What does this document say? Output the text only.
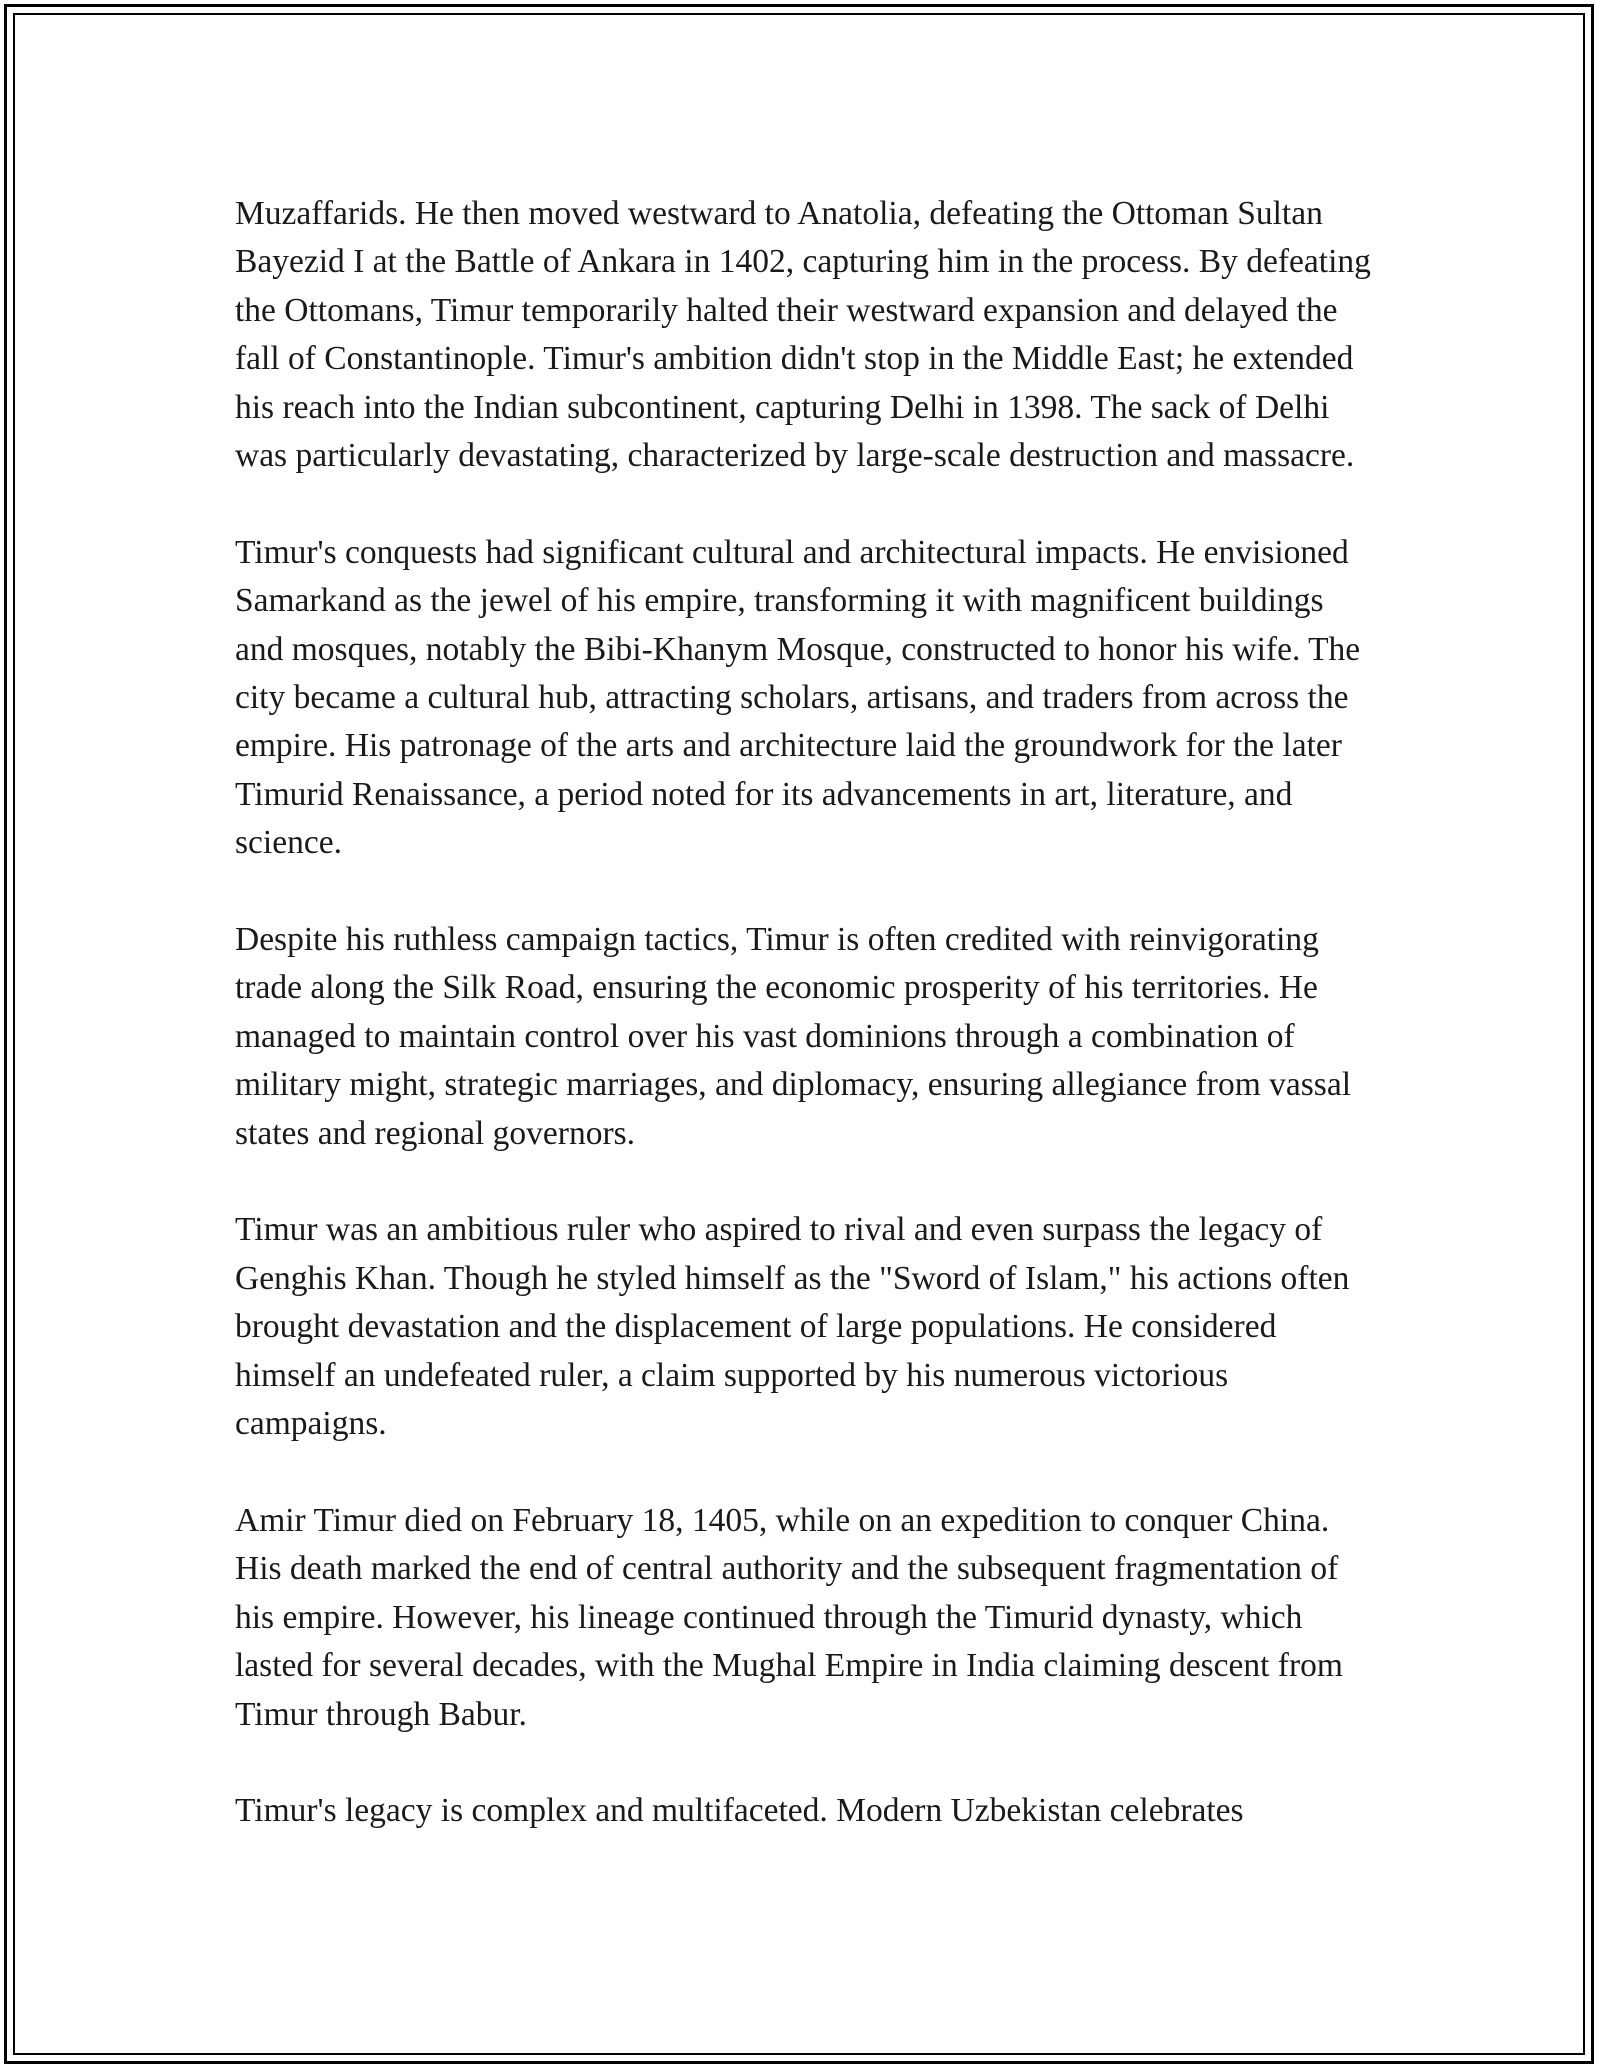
Muzaffarids. He then moved westward to Anatolia, defeating the Ottoman Sultan Bayezid I at the Battle of Ankara in 1402, capturing him in the process. By defeating the Ottomans, Timur temporarily halted their westward expansion and delayed the fall of Constantinople. Timur's ambition didn't stop in the Middle East; he extended his reach into the Indian subcontinent, capturing Delhi in 1398. The sack of Delhi was particularly devastating, characterized by large-scale destruction and massacre.

Timur's conquests had significant cultural and architectural impacts. He envisioned Samarkand as the jewel of his empire, transforming it with magnificent buildings and mosques, notably the Bibi-Khanym Mosque, constructed to honor his wife. The city became a cultural hub, attracting scholars, artisans, and traders from across the empire. His patronage of the arts and architecture laid the groundwork for the later Timurid Renaissance, a period noted for its advancements in art, literature, and science.

Despite his ruthless campaign tactics, Timur is often credited with reinvigorating trade along the Silk Road, ensuring the economic prosperity of his territories. He managed to maintain control over his vast dominions through a combination of military might, strategic marriages, and diplomacy, ensuring allegiance from vassal states and regional governors.

Timur was an ambitious ruler who aspired to rival and even surpass the legacy of Genghis Khan. Though he styled himself as the "Sword of Islam," his actions often brought devastation and the displacement of large populations. He considered himself an undefeated ruler, a claim supported by his numerous victorious campaigns.

Amir Timur died on February 18, 1405, while on an expedition to conquer China. His death marked the end of central authority and the subsequent fragmentation of his empire. However, his lineage continued through the Timurid dynasty, which lasted for several decades, with the Mughal Empire in India claiming descent from Timur through Babur.

Timur's legacy is complex and multifaceted. Modern Uzbekistan celebrates
